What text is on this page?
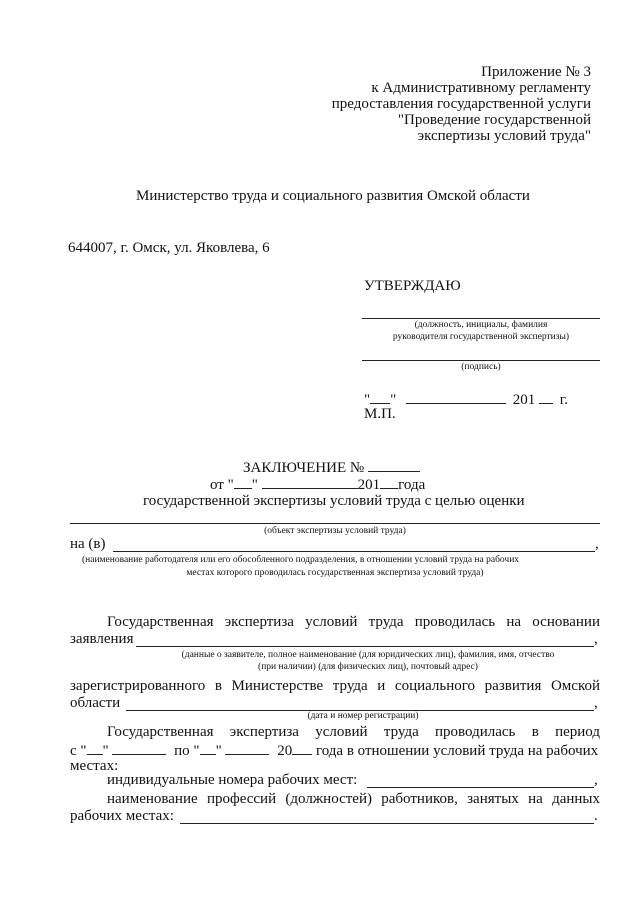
Приложение № 3
к Административному регламенту
предоставления государственной услуги
"Проведение государственной
экспертизы условий труда"
Министерство труда и социального развития Омской области
644007, г. Омск, ул. Яковлева, 6
УТВЕРЖДАЮ
(должность, инициалы, фамилия
руководителя государственной экспертизы)
(подпись)
" "	201 г.
М.П.
ЗАКЛЮЧЕНИЕ №
от " "	201 года
государственной экспертизы условий труда с целью оценки
(объект экспертизы условий труда)
на (в)	,
(наименование работодателя или его обособленного подразделения, в отношении условий труда на рабочих
местах которого проводилась государственная экспертиза условий труда)
Государственная экспертиза условий труда проводилась на основании
заявления	,
(данные о заявителе, полное наименование (для юридических лиц), фамилия, имя, отчество
(при наличии) (для физических лиц), почтовый адрес)
зарегистрированного в Министерстве труда и социального развития Омской
области	,
(дата и номер регистрации)
Государственная экспертиза условий труда проводилась в период
с " "	по " "	20 года в отношении условий труда на рабочих
местах:
индивидуальные номера рабочих мест:	,
наименование профессий (должностей) работников, занятых на данных
рабочих местах:	.
